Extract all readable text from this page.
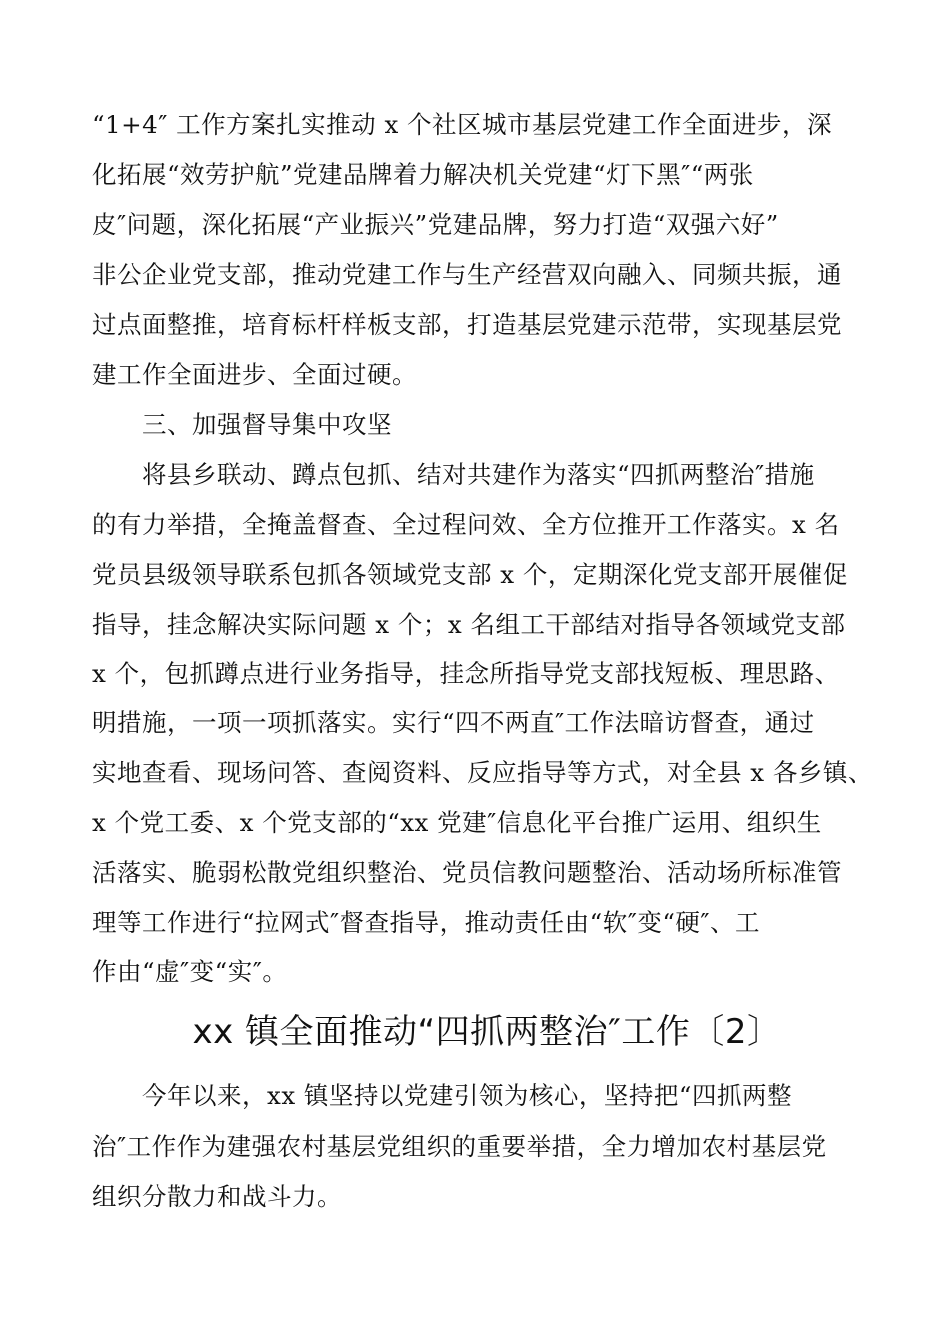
“1+4″ 工作方案扎实推动 x 个社区城市基层党建工作全面进步，深
化拓展“效劳护航”党建品牌着力解决机关党建“灯下黑″“两张
皮″问题，深化拓展“产业振兴”党建品牌，努力打造“双强六好”
非公企业党支部，推动党建工作与生产经营双向融入、同频共振，通
过点面整推，培育标杆样板支部，打造基层党建示范带，实现基层党
建工作全面进步、全面过硬。
三、加强督导集中攻坚
将县乡联动、蹲点包抓、结对共建作为落实“四抓两整治″措施
的有力举措，全掩盖督查、全过程问效、全方位推开工作落实。x 名
党员县级领导联系包抓各领域党支部 x 个，定期深化党支部开展催促
指导，挂念解决实际问题 x 个；x 名组工干部结对指导各领域党支部
x 个，包抓蹲点进行业务指导，挂念所指导党支部找短板、理思路、
明措施，一项一项抓落实。实行“四不两直″工作法暗访督查，通过
实地查看、现场问答、查阅资料、反应指导等方式，对全县 x 各乡镇、
x 个党工委、x 个党支部的“xx 党建″信息化平台推广运用、组织生
活落实、脆弱松散党组织整治、党员信教问题整治、活动场所标准管
理等工作进行“拉网式″督查指导，推动责任由“软″变“硬″、工
作由“虚″变“实″。
xx 镇全面推动“四抓两整治″工作〔2〕
今年以来，xx 镇坚持以党建引领为核心，坚持把“四抓两整
治″工作作为建强农村基层党组织的重要举措，全力增加农村基层党
组织分散力和战斗力。
